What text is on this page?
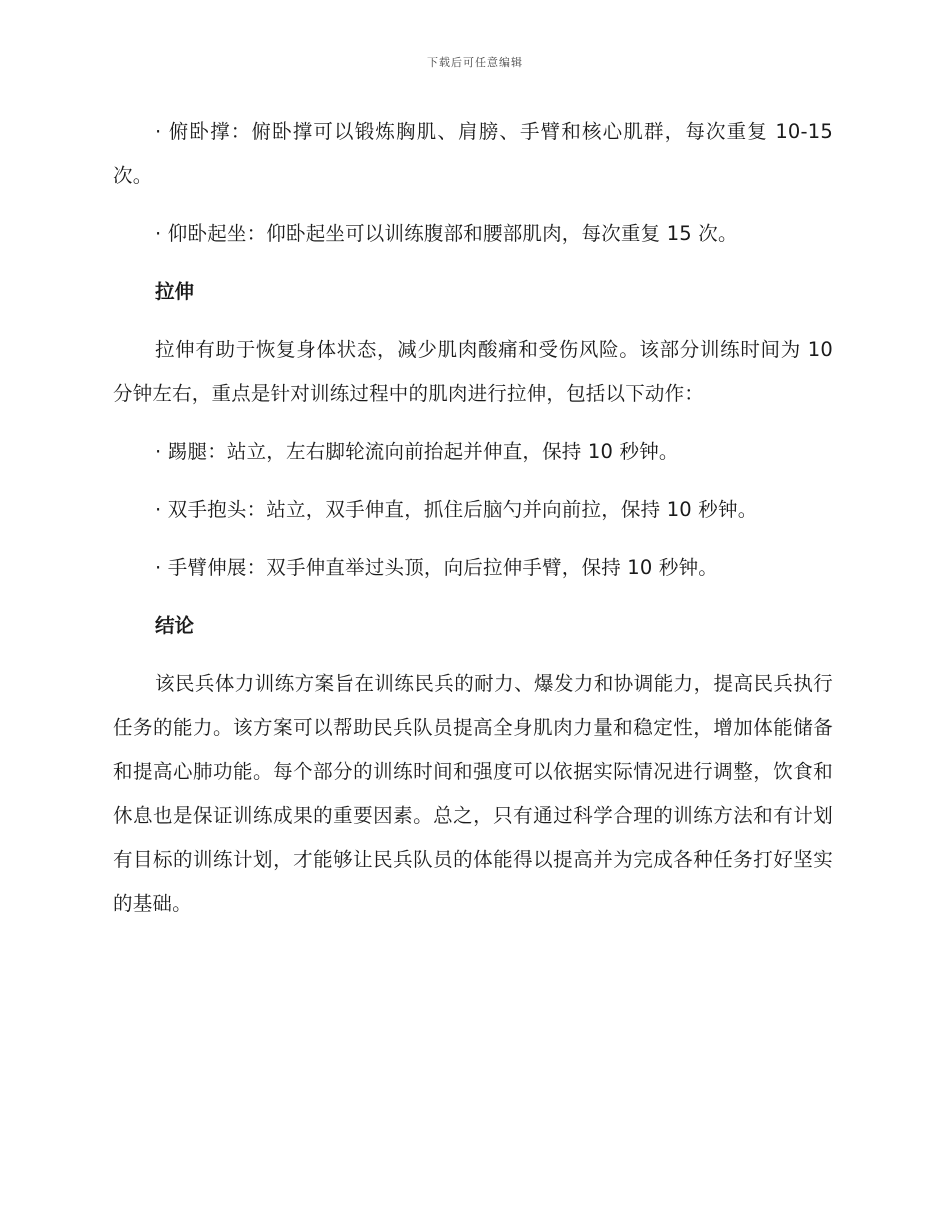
下载后可任意编辑

· 俯卧撑：俯卧撑可以锻炼胸肌、肩膀、手臂和核心肌群，每次重复 10-15 次。

· 仰卧起坐：仰卧起坐可以训练腹部和腰部肌肉，每次重复 15 次。

拉伸

拉伸有助于恢复身体状态，减少肌肉酸痛和受伤风险。该部分训练时间为 10 分钟左右，重点是针对训练过程中的肌肉进行拉伸，包括以下动作：

· 踢腿：站立，左右脚轮流向前抬起并伸直，保持 10 秒钟。

· 双手抱头：站立，双手伸直，抓住后脑勺并向前拉，保持 10 秒钟。

· 手臂伸展：双手伸直举过头顶，向后拉伸手臂，保持 10 秒钟。

结论

该民兵体力训练方案旨在训练民兵的耐力、爆发力和协调能力，提高民兵执行任务的能力。该方案可以帮助民兵队员提高全身肌肉力量和稳定性，增加体能储备和提高心肺功能。每个部分的训练时间和强度可以依据实际情况进行调整，饮食和休息也是保证训练成果的重要因素。总之，只有通过科学合理的训练方法和有计划有目标的训练计划，才能够让民兵队员的体能得以提高并为完成各种任务打好坚实的基础。
